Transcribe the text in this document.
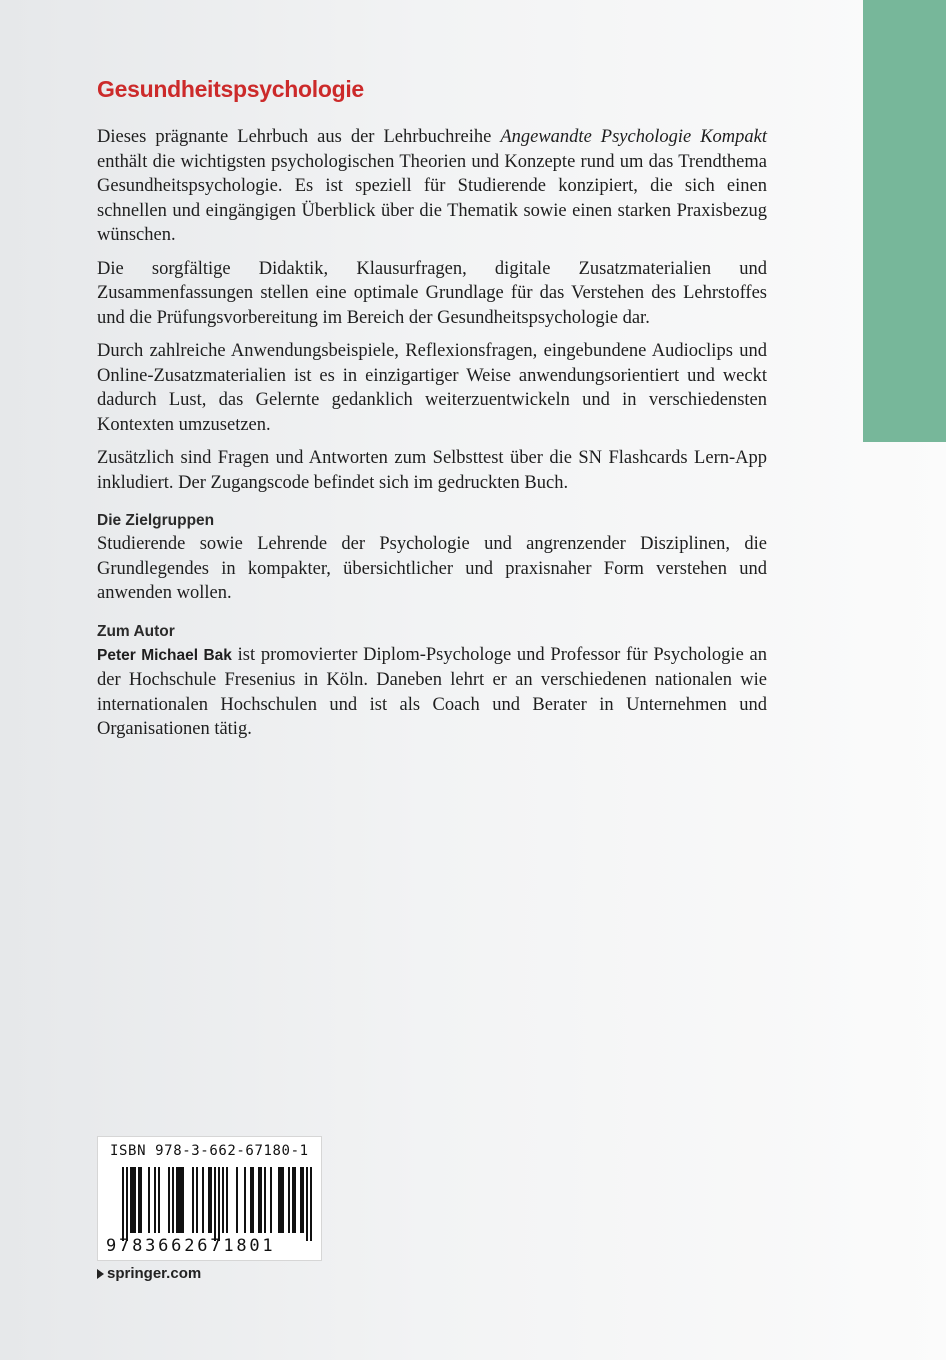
Gesundheitspsychologie

Dieses prägnante Lehrbuch aus der Lehrbuchreihe Angewandte Psychologie Kompakt enthält die wichtigsten psychologischen Theorien und Konzepte rund um das Trendthema Gesundheitspsychologie. Es ist speziell für Studierende konzipiert, die sich einen schnellen und eingängigen Überblick über die Thematik sowie einen starken Praxisbezug wünschen.

Die sorgfältige Didaktik, Klausurfragen, digitale Zusatzmaterialien und Zusammenfassungen stellen eine optimale Grundlage für das Verstehen des Lehrstoffes und die Prüfungsvorbereitung im Bereich der Gesundheitspsychologie dar.

Durch zahlreiche Anwendungsbeispiele, Reflexionsfragen, eingebundene Audioclips und Online-Zusatzmaterialien ist es in einzigartiger Weise anwendungsorientiert und weckt dadurch Lust, das Gelernte gedanklich weiterzuentwickeln und in verschiedensten Kontexten umzusetzen.

Zusätzlich sind Fragen und Antworten zum Selbsttest über die SN Flashcards Lern-App inkludiert. Der Zugangscode befindet sich im gedruckten Buch.

Die Zielgruppen

Studierende sowie Lehrende der Psychologie und angrenzender Disziplinen, die Grundlegendes in kompakter, übersichtlicher und praxisnaher Form verstehen und anwenden wollen.

Zum Autor

Peter Michael Bak ist promovierter Diplom-Psychologe und Professor für Psychologie an der Hochschule Fresenius in Köln. Daneben lehrt er an verschiedenen nationalen wie internationalen Hochschulen und ist als Coach und Berater in Unternehmen und Organisationen tätig.

ISBN 978-3-662-67180-1
9783662671801
springer.com
